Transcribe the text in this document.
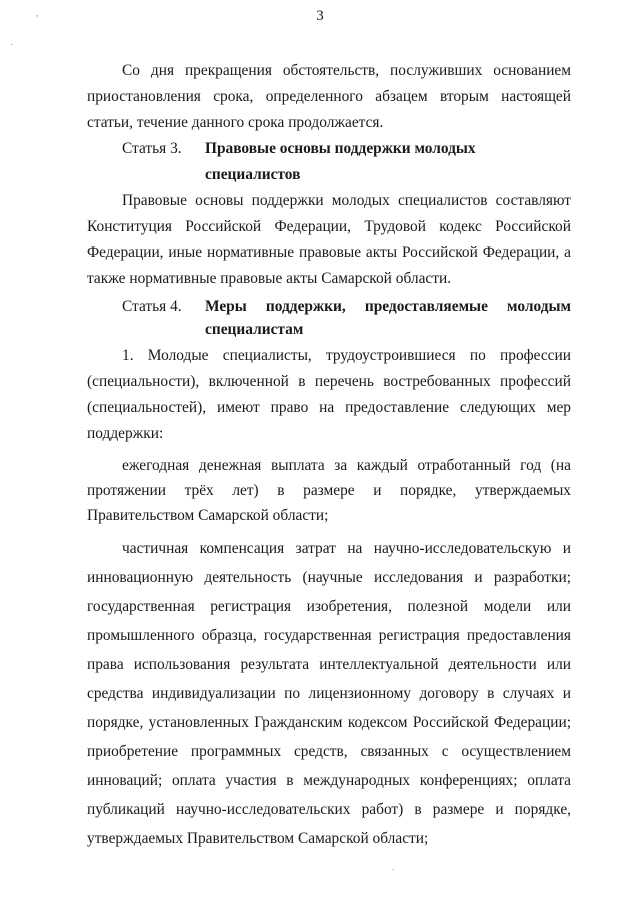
·
,	3

Со дня прекращения обстоятельств, послуживших основанием приостановления срока, определенного абзацем вторым настоящей статьи, течение данного срока продолжается.

Статья 3.	Правовые основы поддержки молодых специалистов

Правовые основы поддержки молодых специалистов составляют Конституция Российской Федерации, Трудовой кодекс Российской Федерации, иные нормативные правовые акты Российской Федерации, а также нормативные правовые акты Самарской области.

Статья 4.	Меры поддержки, предоставляемые молодым
специалистам

1. Молодые специалисты, трудоустроившиеся по профессии (специальности), включенной в перечень востребованных профессий (специальностей), имеют право на предоставление следующих мер поддержки:

ежегодная денежная выплата за каждый отработанный год (на протяжении трёх лет) в размере и порядке, утверждаемых Правительством Самарской области;

частичная компенсация затрат на научно-исследовательскую и инновационную деятельность (научные исследования и разработки; государственная регистрация изобретения, полезной модели или промышленного образца, государственная регистрация предоставления права использования результата интеллектуальной деятельности или средства индивидуализации по лицензионному договору в случаях и порядке, установленных Гражданским кодексом Российской Федерации; приобретение программных средств, связанных с осуществлением инноваций; оплата участия в международных конференциях; оплата публикаций научно-исследовательских работ) в размере и порядке, утверждаемых Правительством Самарской области;

.
